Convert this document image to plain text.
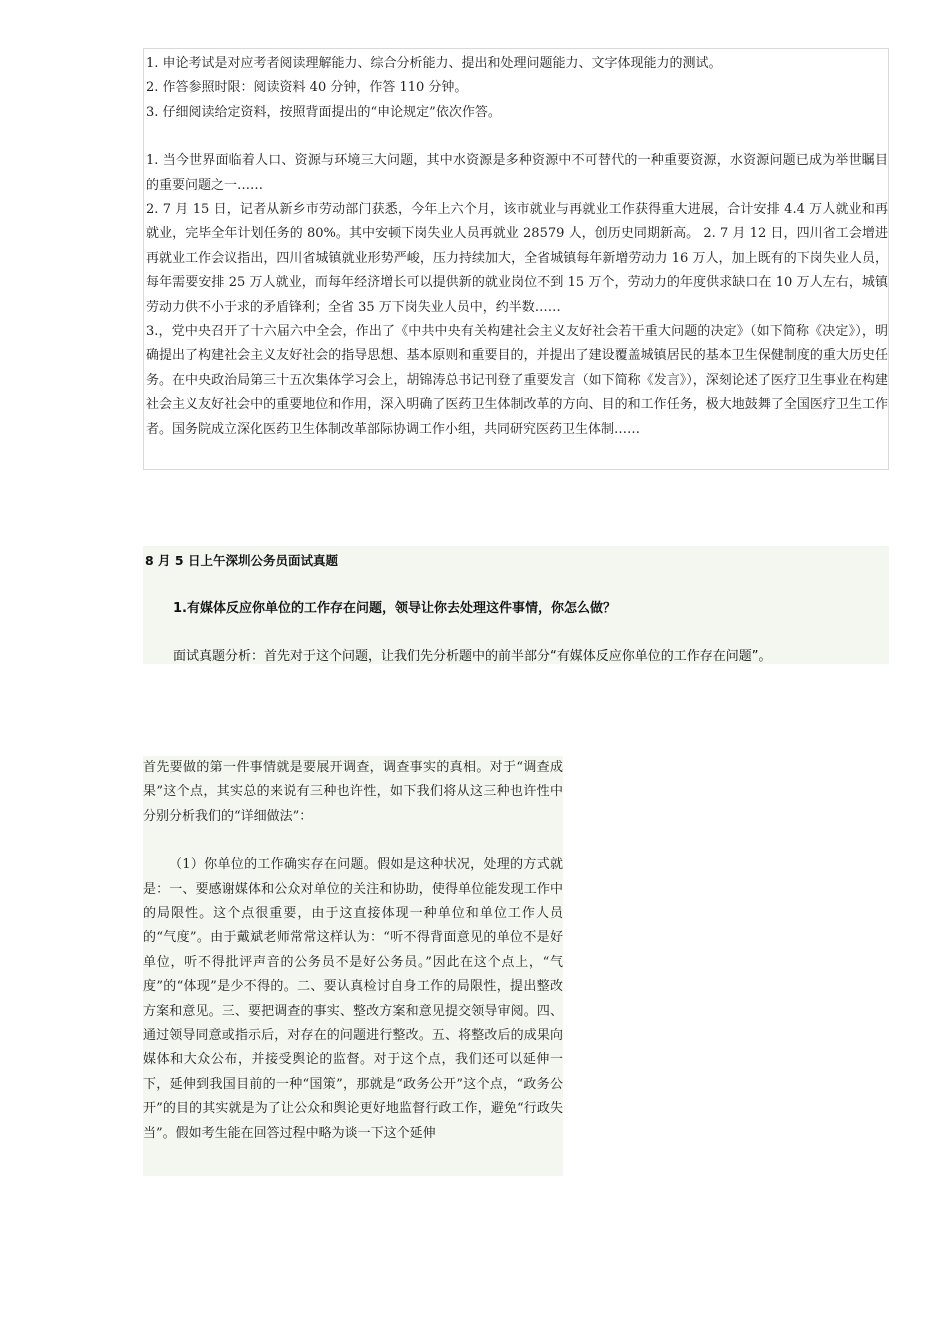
1. 申论考试是对应考者阅读理解能力、综合分析能力、提出和处理问题能力、文字体现能力的测试。

2. 作答参照时限：阅读资料 40 分钟，作答 110 分钟。

3. 仔细阅读给定资料，按照背面提出的“申论规定”依次作答。

1. 当今世界面临着人口、资源与环境三大问题，其中水资源是多种资源中不可替代的一种重要资源，水资源问题已成为举世瞩目的重要问题之一……

2. 7 月 15 日，记者从新乡市劳动部门获悉，今年上六个月，该市就业与再就业工作获得重大进展，合计安排 4.4 万人就业和再就业，完毕全年计划任务的 80%。其中安顿下岗失业人员再就业 28579 人，创历史同期新高。 2. 7 月 12 日，四川省工会增进再就业工作会议指出，四川省城镇就业形势严峻，压力持续加大，全省城镇每年新增劳动力 16 万人，加上既有的下岗失业人员，每年需要安排 25 万人就业，而每年经济增长可以提供新的就业岗位不到 15 万个，劳动力的年度供求缺口在 10 万人左右，城镇劳动力供不小于求的矛盾锋利；全省 35 万下岗失业人员中，约半数……

3.，党中央召开了十六届六中全会，作出了《中共中央有关构建社会主义友好社会若干重大问题的决定》（如下简称《决定》），明确提出了构建社会主义友好社会的指导思想、基本原则和重要目的，并提出了建设覆盖城镇居民的基本卫生保健制度的重大历史任务。在中央政治局第三十五次集体学习会上，胡锦涛总书记刊登了重要发言（如下简称《发言》），深刻论述了医疗卫生事业在构建社会主义友好社会中的重要地位和作用，深入明确了医药卫生体制改革的方向、目的和工作任务，极大地鼓舞了全国医疗卫生工作者。国务院成立深化医药卫生体制改革部际协调工作小组，共同研究医药卫生体制……

8 月 5 日上午深圳公务员面试真题
1.有媒体反应你单位的工作存在问题，领导让你去处理这件事情，你怎么做？
面试真题分析：首先对于这个问题，让我们先分析题中的前半部分“有媒体反应你单位的工作存在问题”。

首先要做的第一件事情就是要展开调查，调查事实的真相。对于“调查成果”这个点，其实总的来说有三种也许性，如下我们将从这三种也许性中分别分析我们的“详细做法”：

（1）你单位的工作确实存在问题。假如是这种状况，处理的方式就是：一、要感谢媒体和公众对单位的关注和协助，使得单位能发现工作中的局限性。这个点很重要，由于这直接体现一种单位和单位工作人员的“气度”。由于戴斌老师常常这样认为：“听不得背面意见的单位不是好单位，听不得批评声音的公务员不是好公务员。”因此在这个点上，“气度”的“体现”是少不得的。二、要认真检讨自身工作的局限性，提出整改方案和意见。三、要把调查的事实、整改方案和意见提交领导审阅。四、通过领导同意或指示后，对存在的问题进行整改。五、将整改后的成果向媒体和大众公布，并接受舆论的监督。对于这个点，我们还可以延伸一下，延伸到我国目前的一种“国策”，那就是“政务公开”这个点，“政务公开”的目的其实就是为了让公众和舆论更好地监督行政工作，避免“行政失当”。假如考生能在回答过程中略为谈一下这个延伸
